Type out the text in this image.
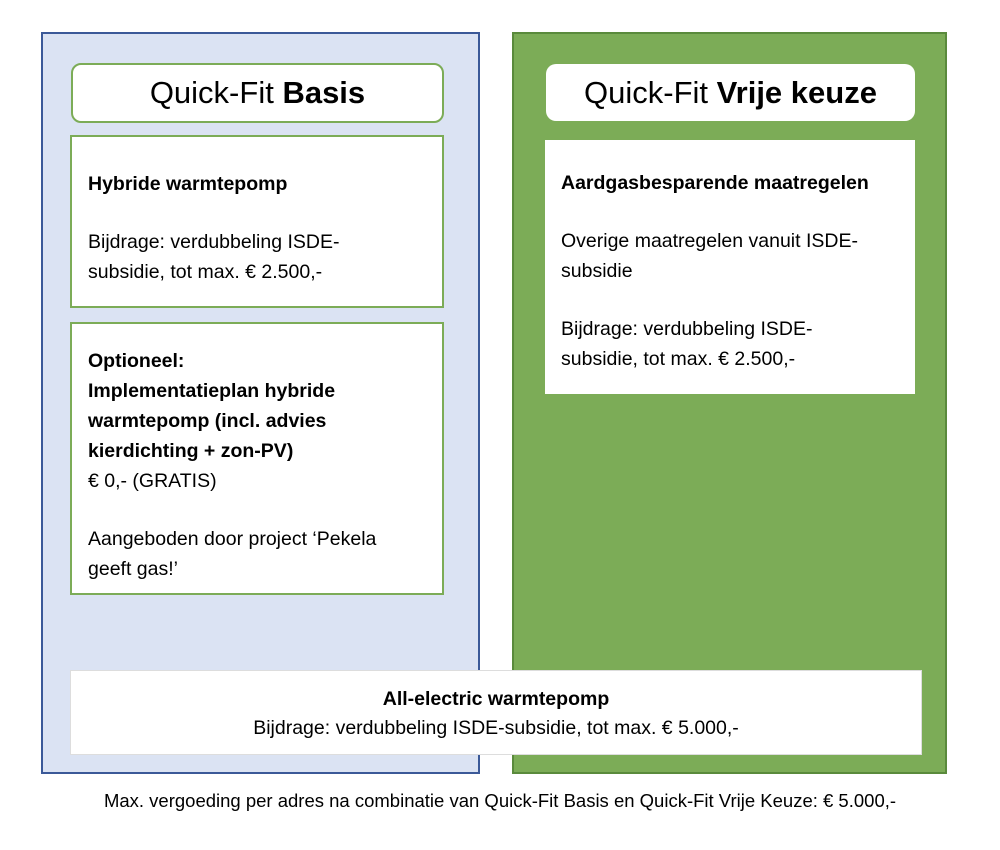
Quick-Fit
Basis	Quick-Fit
Vrije keuze
Hybride warmtepomp
Bijdrage: verdubbeling ISDE-
subsidie, tot max. € 2.500,-
Optioneel:
Implementatieplan hybride
warmtepomp (incl. advies
kierdichting + zon-PV)
€ 0,- (GRATIS)
Aangeboden door project ‘Pekela
geeft gas!’
Aardgasbesparende maatregelen
Overige maatregelen vanuit ISDE-
subsidie
Bijdrage: verdubbeling ISDE-
subsidie, tot max. € 2.500,-
All-electric warmtepomp
Bijdrage: verdubbeling ISDE-subsidie, tot max. € 5.000,-
Max. vergoeding per adres na combinatie van Quick-Fit Basis en Quick-Fit Vrije Keuze: € 5.000,-
